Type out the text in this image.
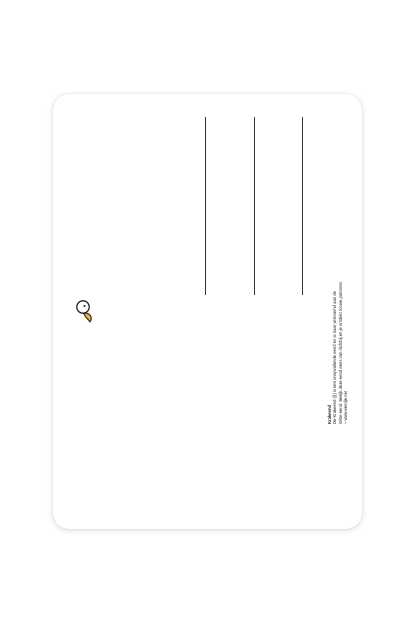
Krakeend De Krakeend (§) is een onopvallende eend en is naar vernoemd aan de Witte eend. Bekijk deze eend eens van dichtbij en je ontdekt mooie patronen. – www.eendje.net
